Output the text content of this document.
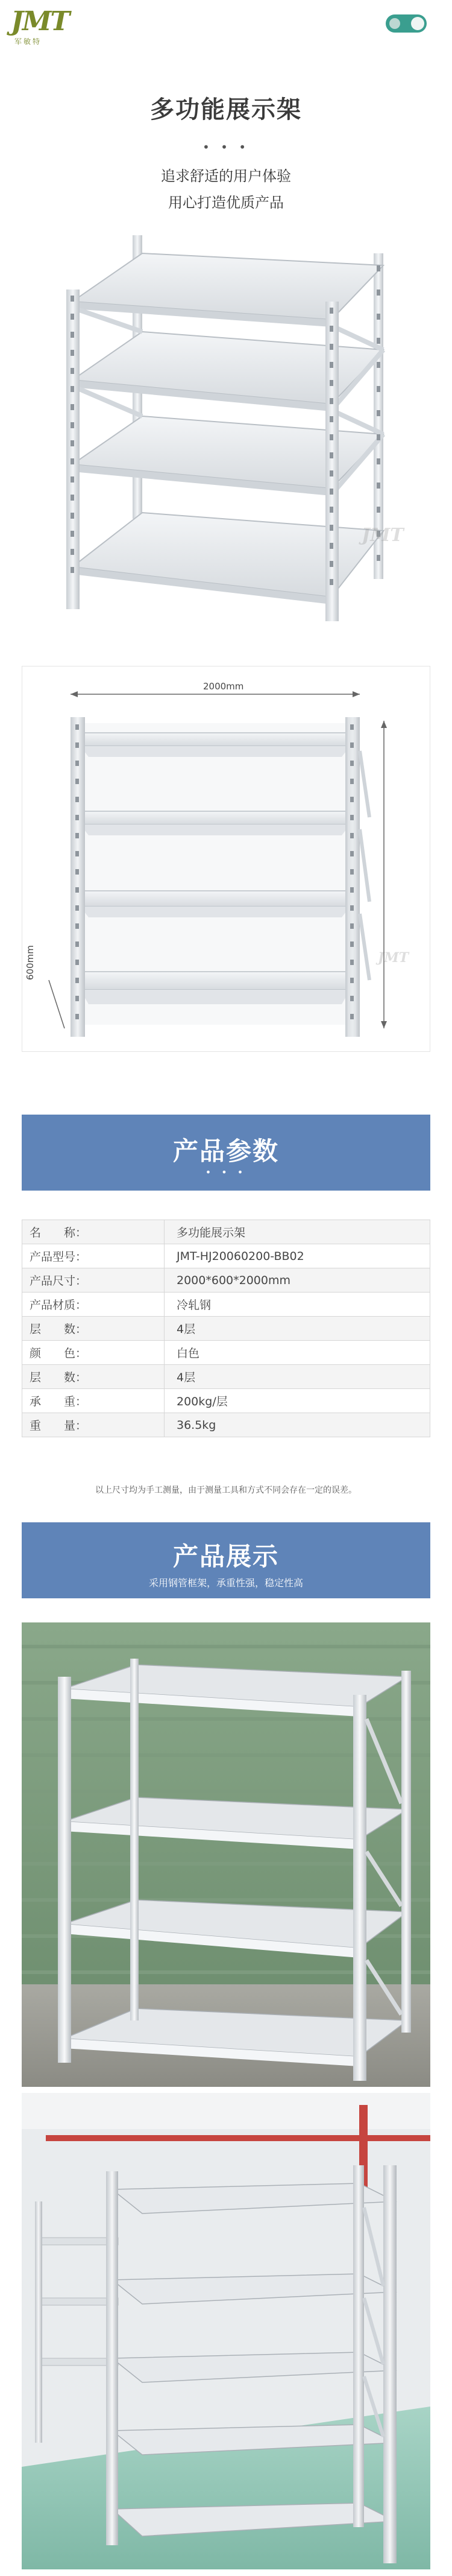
JMT
军敏特
多功能展示架
• • •
追求舒适的用户体验
用心打造优质产品
JMT
2000mm
600mm	JMT
产品参数
• • •
名　　称：	多功能展示架
产品型号：	JMT-HJ20060200-BB02
产品尺寸：	2000*600*2000mm
产品材质：	冷轧钢
层　　数：	4层
颜　　色：	白色
层　　数：	4层
承　　重：	200kg/层
重　　量：	36.5kg
以上尺寸均为手工测量，由于测量工具和方式不同会存在一定的误差。
产品展示
采用钢管框架，承重性强，稳定性高
